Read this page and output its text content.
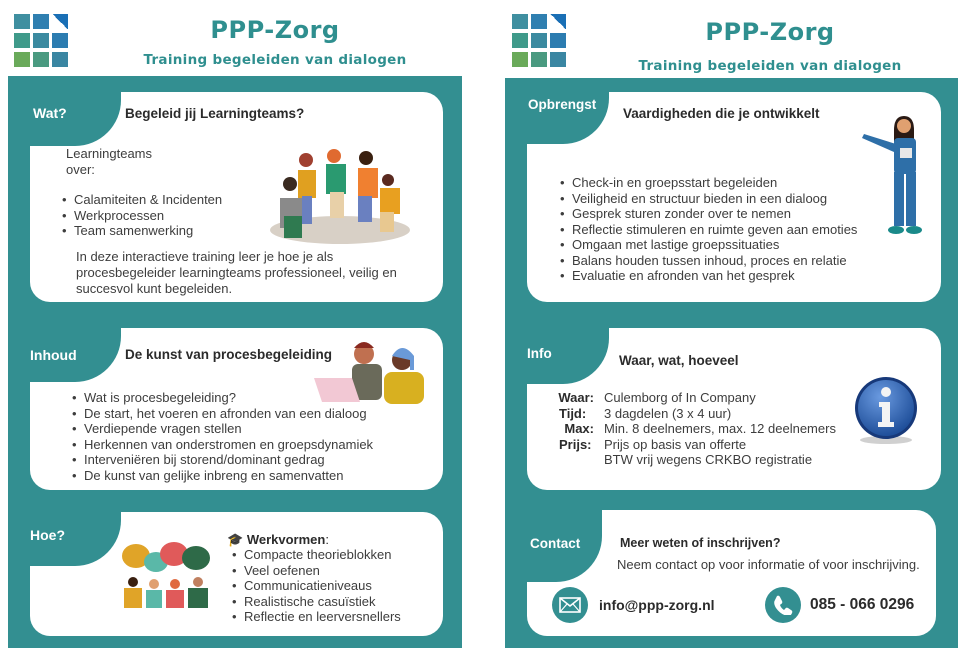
PPP-Zorg
Training begeleiden van dialogen
Wat?	Begeleid jij Learningteams?
Learningteams over:
• Calamiteiten & Incidenten
• Werkprocessen
• Team samenwerking
In deze interactieve training leer je hoe je als procesbegeleider learningteams professioneel, veilig en succesvol kunt begeleiden.
Inhoud	De kunst van procesbegeleiding
• Wat is procesbegeleiding?
• De start, het voeren en afronden van een dialoog
• Verdiepende vragen stellen
• Herkennen van onderstromen en groepsdynamiek
• Interveniëren bij storend/dominant gedrag
• De kunst van gelijke inbreng en samenvatten
Hoe?	🎓 Werkvormen:
• Compacte theorieblokken
• Veel oefenen
• Communicatieniveaus
• Realistische casuïstiek
• Reflectie en leerversnellers
PPP-Zorg
Training begeleiden van dialogen
Opbrengst
Vaardigheden die je ontwikkelt
• Check-in en groepsstart begeleiden
• Veiligheid en structuur bieden in een dialoog
• Gesprek sturen zonder over te nemen
• Reflectie stimuleren en ruimte geven aan emoties
• Omgaan met lastige groepssituaties
• Balans houden tussen inhoud, proces en relatie
• Evaluatie en afronden van het gesprek
Info	Waar, wat, hoeveel
Waar: Culemborg of In Company
Tijd:	3 dagdelen (3 x 4 uur)
Max: Min. 8 deelnemers, max. 12 deelnemers
Prijs: Prijs op basis van offerte
BTW vrij wegens CRKBO registratie
Contact	Meer weten of inschrijven?
Neem contact op voor informatie of voor inschrijving.
info@ppp-zorg.nl	085 - 066 0296
